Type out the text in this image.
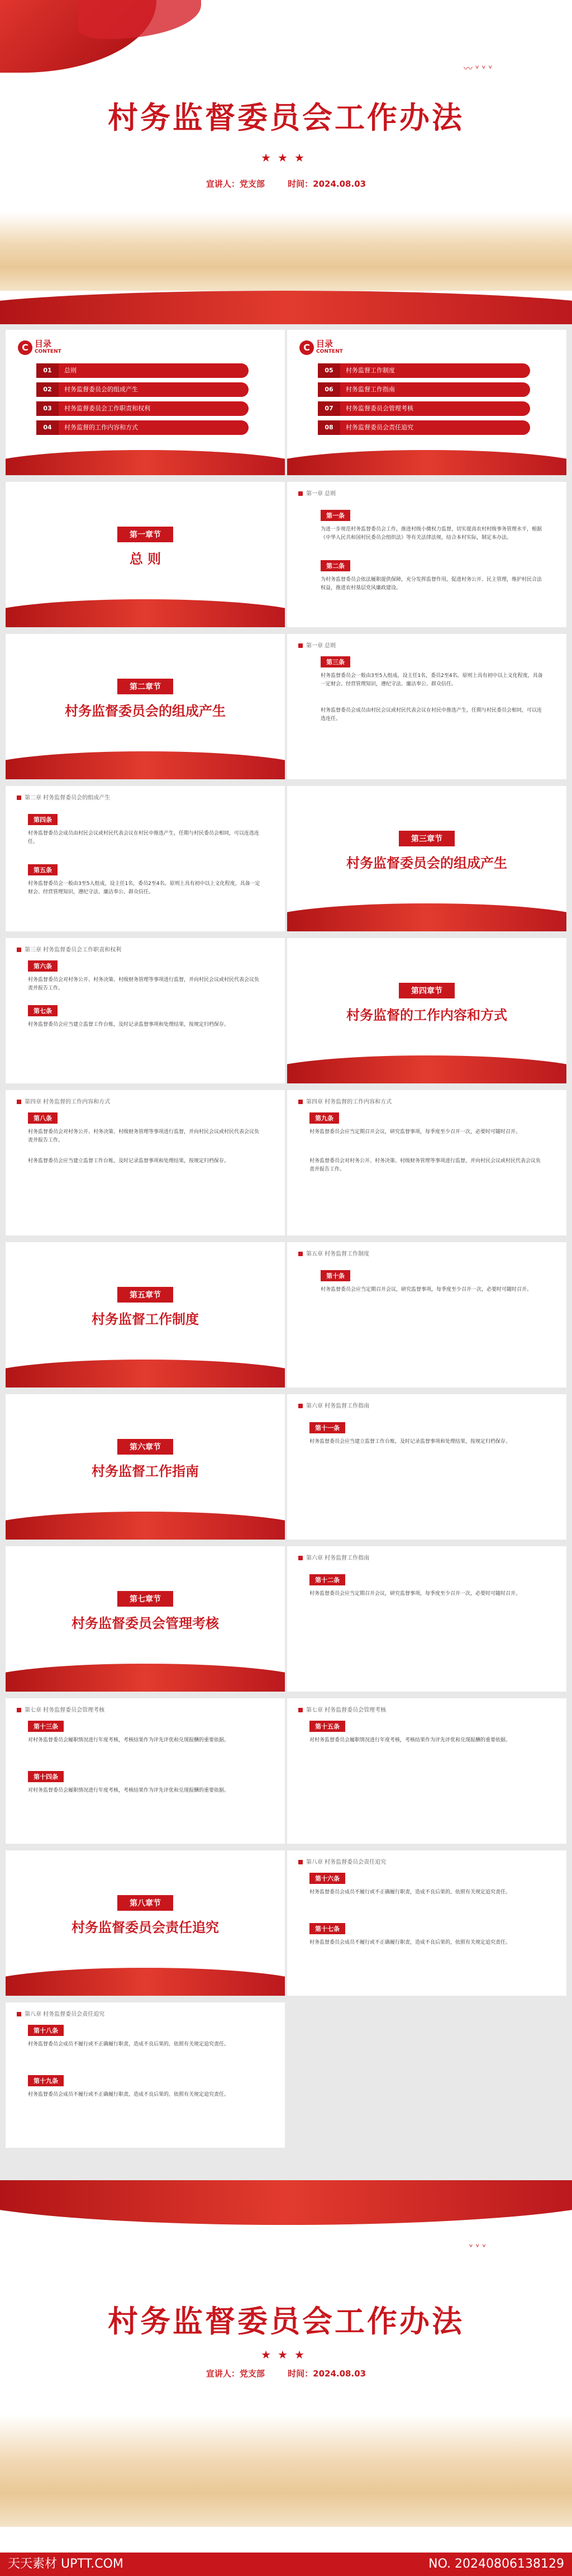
〰 ᵛ ᵛ ᵛ
村务监督委员会工作办法
★★★
宣讲人：党支部	时间：2024.08.03
C 目录
CONTENT
01	总则
02	村务监督委员会的组成产生
03	村务监督委员会工作职责和权利
04	村务监督的工作内容和方式
C 目录
CONTENT
05	村务监督工作制度
06	村务监督工作指南
07	村务监督委员会管理考核
08	村务监督委员会责任追究
第一章节
总 则
第一章 总则
第一条
为进一步规范村务监督委员会工作，推进村级小微权力监督，切实提高农村村级事务管理水平，根据《中华人民共和国村民委员会组织法》等有关法律法规，结合本村实际，制定本办法。
第二条
为村务监督委员会依法履职提供保障，充分发挥监督作用，促进村务公开、民主管理，维护村民合法权益，推进农村基层党风廉政建设。
第二章节
村务监督委员会的组成产生
第一章 总则
第三条
村务监督委员会一般由3至5人组成，设主任1名，委员2至4名。原则上具有初中以上文化程度，具备一定财会、经营管理知识，遵纪守法、廉洁奉公、群众信任。
村务监督委员会成员由村民会议或村民代表会议在村民中推选产生，任期与村民委员会相同，可以连选连任。
第二章 村务监督委员会的组成产生
第四条
村务监督委员会成员由村民会议或村民代表会议在村民中推选产生，任期与村民委员会相同，可以连选连任。
第五条
村务监督委员会一般由3至5人组成，设主任1名，委员2至4名。原则上具有初中以上文化程度，具备一定财会、经营管理知识，遵纪守法、廉洁奉公、群众信任。
第三章节
村务监督委员会的组成产生
第三章 村务监督委员会工作职责和权利
第六条
村务监督委员会对村务公开、村务决策、村级财务管理等事项进行监督，并向村民会议或村民代表会议负责并报告工作。
第七条
村务监督委员会应当建立监督工作台账，及时记录监督事项和处理结果，按规定归档保存。
第四章节
村务监督的工作内容和方式
第四章 村务监督的工作内容和方式
第八条
村务监督委员会对村务公开、村务决策、村级财务管理等事项进行监督，并向村民会议或村民代表会议负责并报告工作。
村务监督委员会应当建立监督工作台账，及时记录监督事项和处理结果，按规定归档保存。
第四章 村务监督的工作内容和方式
第九条
村务监督委员会应当定期召开会议，研究监督事项，每季度至少召开一次，必要时可随时召开。
村务监督委员会对村务公开、村务决策、村级财务管理等事项进行监督，并向村民会议或村民代表会议负责并报告工作。
第五章节
村务监督工作制度
第五章 村务监督工作制度
第十条
村务监督委员会应当定期召开会议，研究监督事项，每季度至少召开一次，必要时可随时召开。
第六章节
村务监督工作指南
第六章 村务监督工作指南
第十一条
村务监督委员会应当建立监督工作台账，及时记录监督事项和处理结果，按规定归档保存。
第七章节
村务监督委员会管理考核
第六章 村务监督工作指南
第十二条
村务监督委员会应当定期召开会议，研究监督事项，每季度至少召开一次，必要时可随时召开。
第七章 村务监督委员会管理考核
第十三条
对村务监督委员会履职情况进行年度考核，考核结果作为评先评优和兑现报酬的重要依据。
第十四条
对村务监督委员会履职情况进行年度考核，考核结果作为评先评优和兑现报酬的重要依据。
第七章 村务监督委员会管理考核
第十五条
对村务监督委员会履职情况进行年度考核，考核结果作为评先评优和兑现报酬的重要依据。
第八章节
村务监督委员会责任追究
第八章 村务监督委员会责任追究
第十六条
村务监督委员会成员不履行或不正确履行职责，造成不良后果的，依照有关规定追究责任。
第十七条
村务监督委员会成员不履行或不正确履行职责，造成不良后果的，依照有关规定追究责任。
第八章 村务监督委员会责任追究
第十八条
村务监督委员会成员不履行或不正确履行职责，造成不良后果的，依照有关规定追究责任。
第十九条
村务监督委员会成员不履行或不正确履行职责，造成不良后果的，依照有关规定追究责任。
ᵛ ᵛ ᵛ
村务监督委员会工作办法
★★★
宣讲人：党支部	时间：2024.08.03
天天素材 UPTT.COM	NO. 20240806138129
